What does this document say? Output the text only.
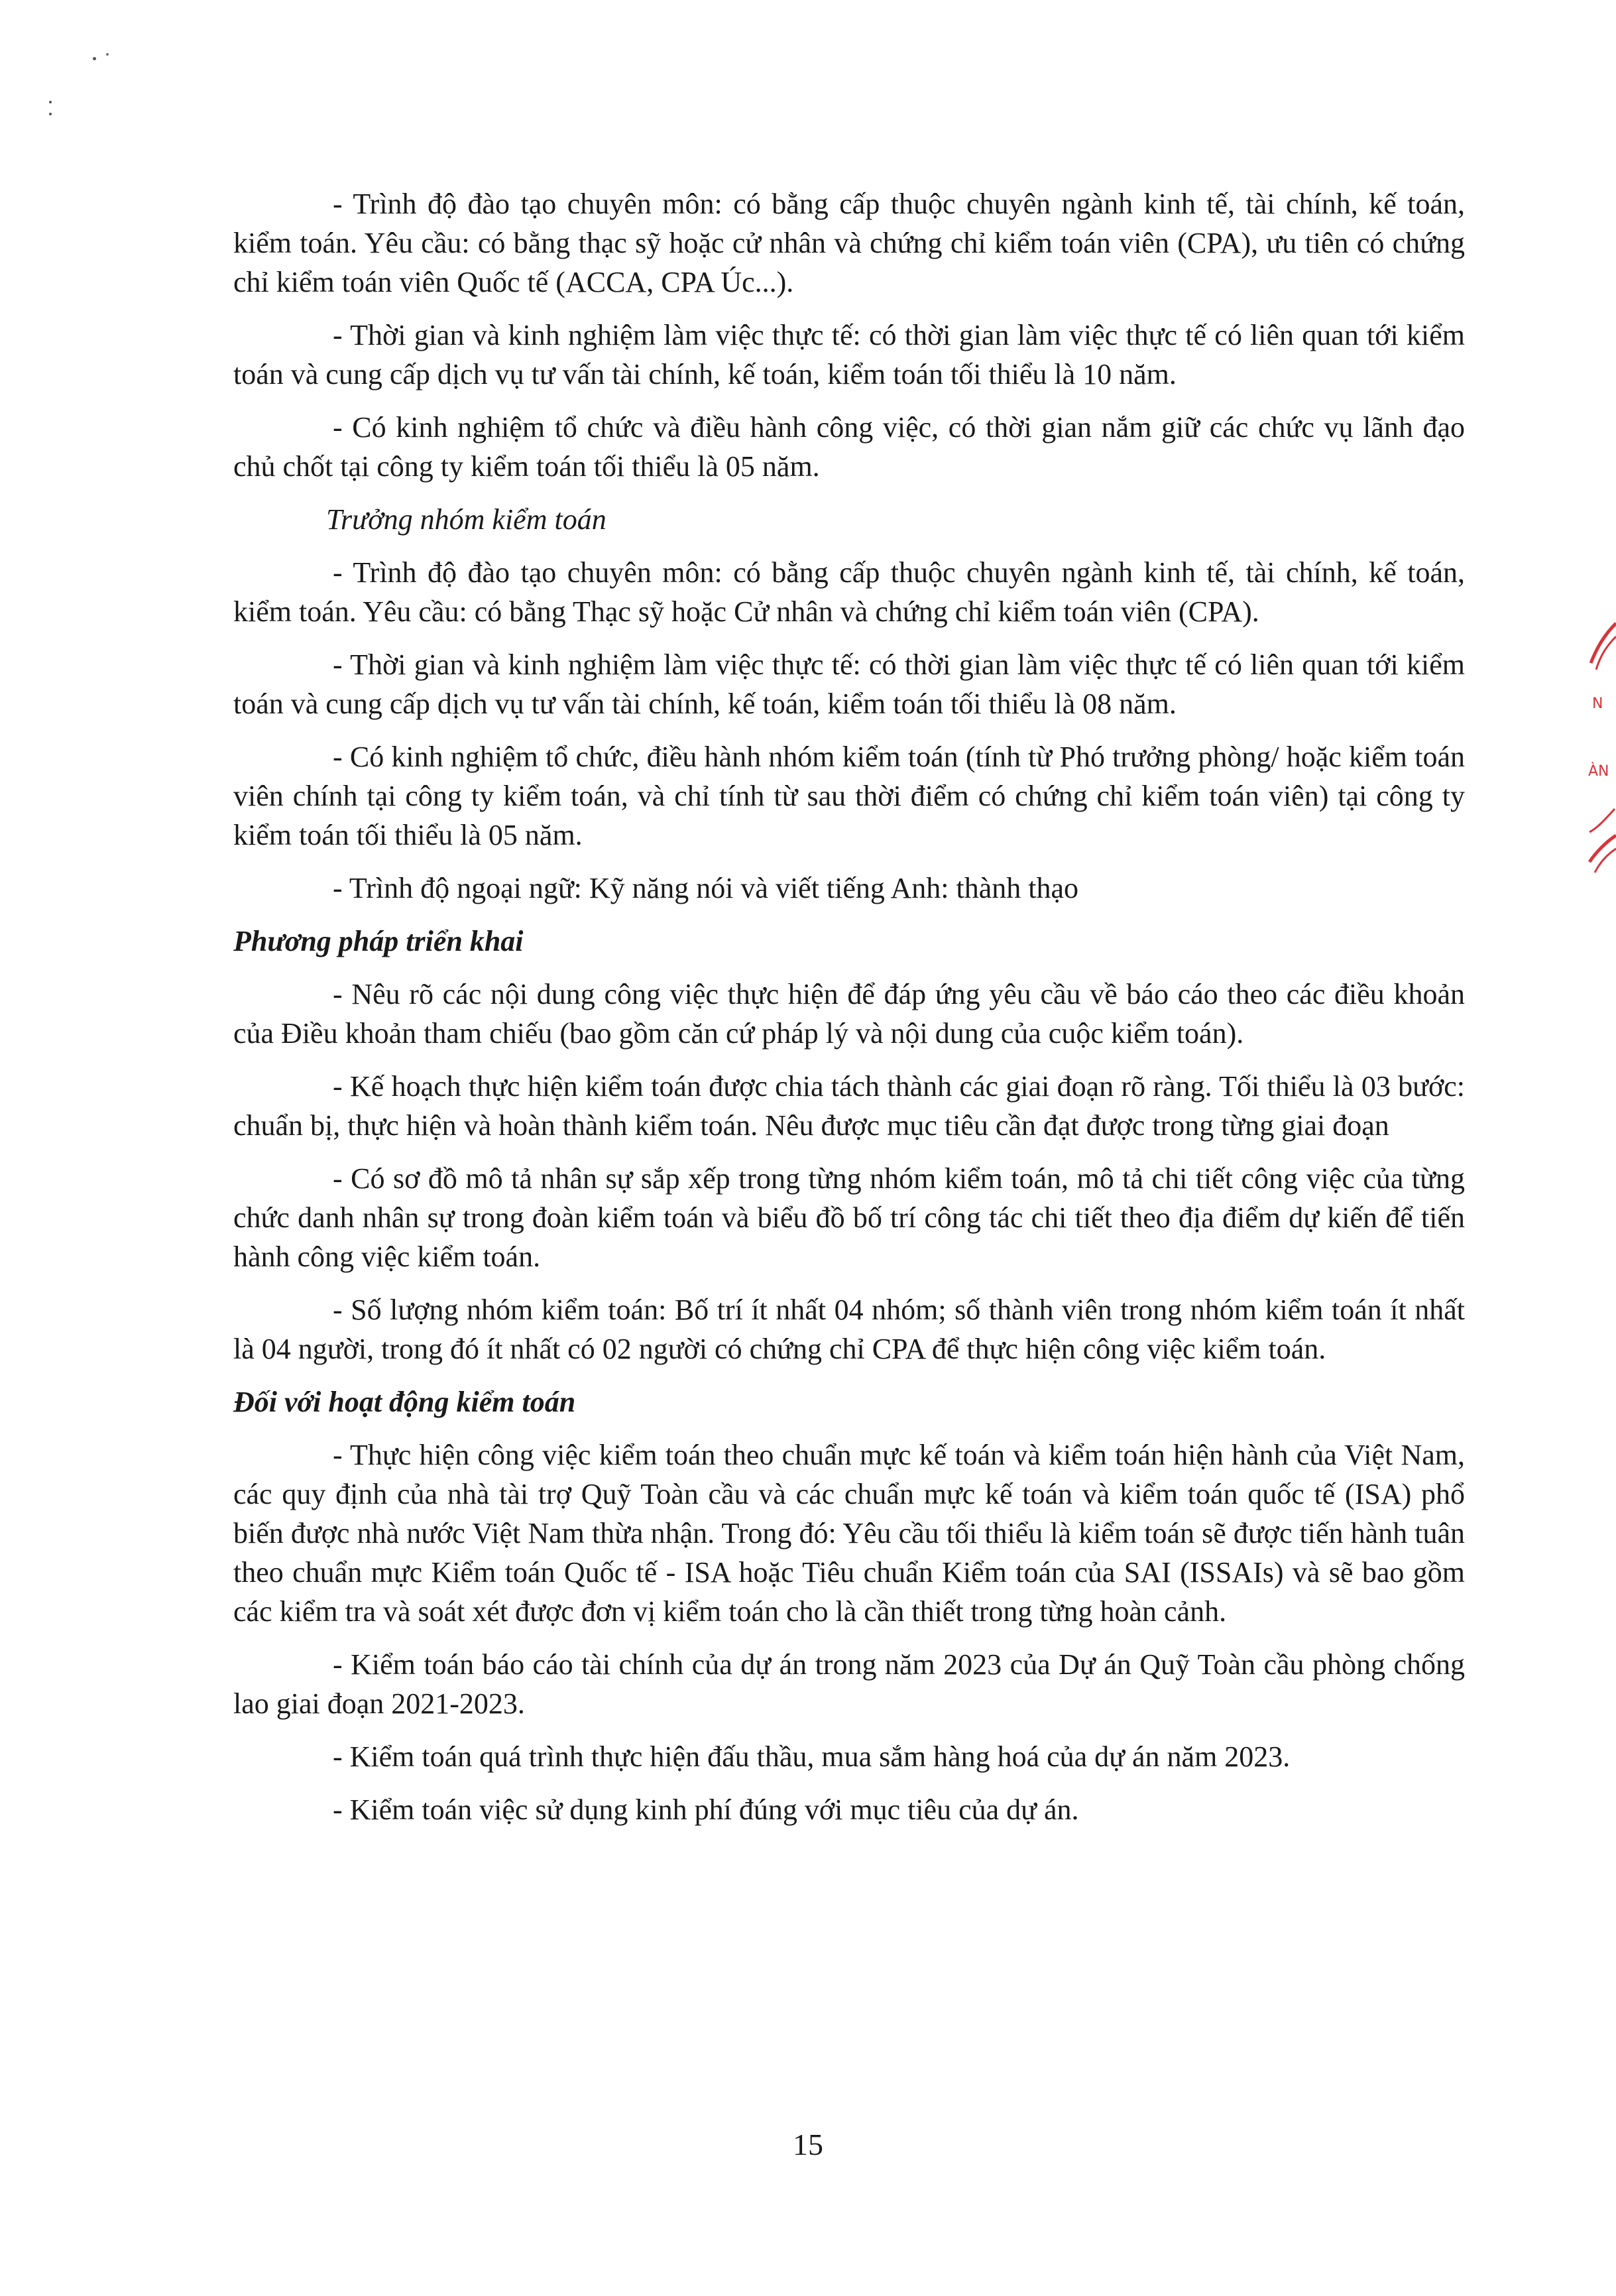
N
ÀN

- Trình độ đào tạo chuyên môn: có bằng cấp thuộc chuyên ngành kinh tế, tài chính, kế toán, kiểm toán. Yêu cầu: có bằng thạc sỹ hoặc cử nhân và chứng chỉ kiểm toán viên (CPA), ưu tiên có chứng chỉ kiểm toán viên Quốc tế (ACCA, CPA Úc...).

- Thời gian và kinh nghiệm làm việc thực tế: có thời gian làm việc thực tế có liên quan tới kiểm toán và cung cấp dịch vụ tư vấn tài chính, kế toán, kiểm toán tối thiểu là 10 năm.

- Có kinh nghiệm tổ chức và điều hành công việc, có thời gian nắm giữ các chức vụ lãnh đạo chủ chốt tại công ty kiểm toán tối thiểu là 05 năm.

Trưởng nhóm kiểm toán

- Trình độ đào tạo chuyên môn: có bằng cấp thuộc chuyên ngành kinh tế, tài chính, kế toán, kiểm toán. Yêu cầu: có bằng Thạc sỹ hoặc Cử nhân và chứng chỉ kiểm toán viên (CPA).

- Thời gian và kinh nghiệm làm việc thực tế: có thời gian làm việc thực tế có liên quan tới kiểm toán và cung cấp dịch vụ tư vấn tài chính, kế toán, kiểm toán tối thiểu là 08 năm.

- Có kinh nghiệm tổ chức, điều hành nhóm kiểm toán (tính từ Phó trưởng phòng/ hoặc kiểm toán viên chính tại công ty kiểm toán, và chỉ tính từ sau thời điểm có chứng chỉ kiểm toán viên) tại công ty kiểm toán tối thiểu là 05 năm.

- Trình độ ngoại ngữ: Kỹ năng nói và viết tiếng Anh: thành thạo

Phương pháp triển khai

- Nêu rõ các nội dung công việc thực hiện để đáp ứng yêu cầu về báo cáo theo các điều khoản của Điều khoản tham chiếu (bao gồm căn cứ pháp lý và nội dung của cuộc kiểm toán).

- Kế hoạch thực hiện kiểm toán được chia tách thành các giai đoạn rõ ràng. Tối thiểu là 03 bước: chuẩn bị, thực hiện và hoàn thành kiểm toán. Nêu được mục tiêu cần đạt được trong từng giai đoạn

- Có sơ đồ mô tả nhân sự sắp xếp trong từng nhóm kiểm toán, mô tả chi tiết công việc của từng chức danh nhân sự trong đoàn kiểm toán và biểu đồ bố trí công tác chi tiết theo địa điểm dự kiến để tiến hành công việc kiểm toán.

- Số lượng nhóm kiểm toán: Bố trí ít nhất 04 nhóm; số thành viên trong nhóm kiểm toán ít nhất là 04 người, trong đó ít nhất có 02 người có chứng chỉ CPA để thực hiện công việc kiểm toán.

Đối với hoạt động kiểm toán

- Thực hiện công việc kiểm toán theo chuẩn mực kế toán và kiểm toán hiện hành của Việt Nam, các quy định của nhà tài trợ Quỹ Toàn cầu và các chuẩn mực kế toán và kiểm toán quốc tế (ISA) phổ biến được nhà nước Việt Nam thừa nhận. Trong đó: Yêu cầu tối thiểu là kiểm toán sẽ được tiến hành tuân theo chuẩn mực Kiểm toán Quốc tế - ISA hoặc Tiêu chuẩn Kiểm toán của SAI (ISSAIs) và sẽ bao gồm các kiểm tra và soát xét được đơn vị kiểm toán cho là cần thiết trong từng hoàn cảnh.

- Kiểm toán báo cáo tài chính của dự án trong năm 2023 của Dự án Quỹ Toàn cầu phòng chống lao giai đoạn 2021-2023.

- Kiểm toán quá trình thực hiện đấu thầu, mua sắm hàng hoá của dự án năm 2023.

- Kiểm toán việc sử dụng kinh phí đúng với mục tiêu của dự án.

15
